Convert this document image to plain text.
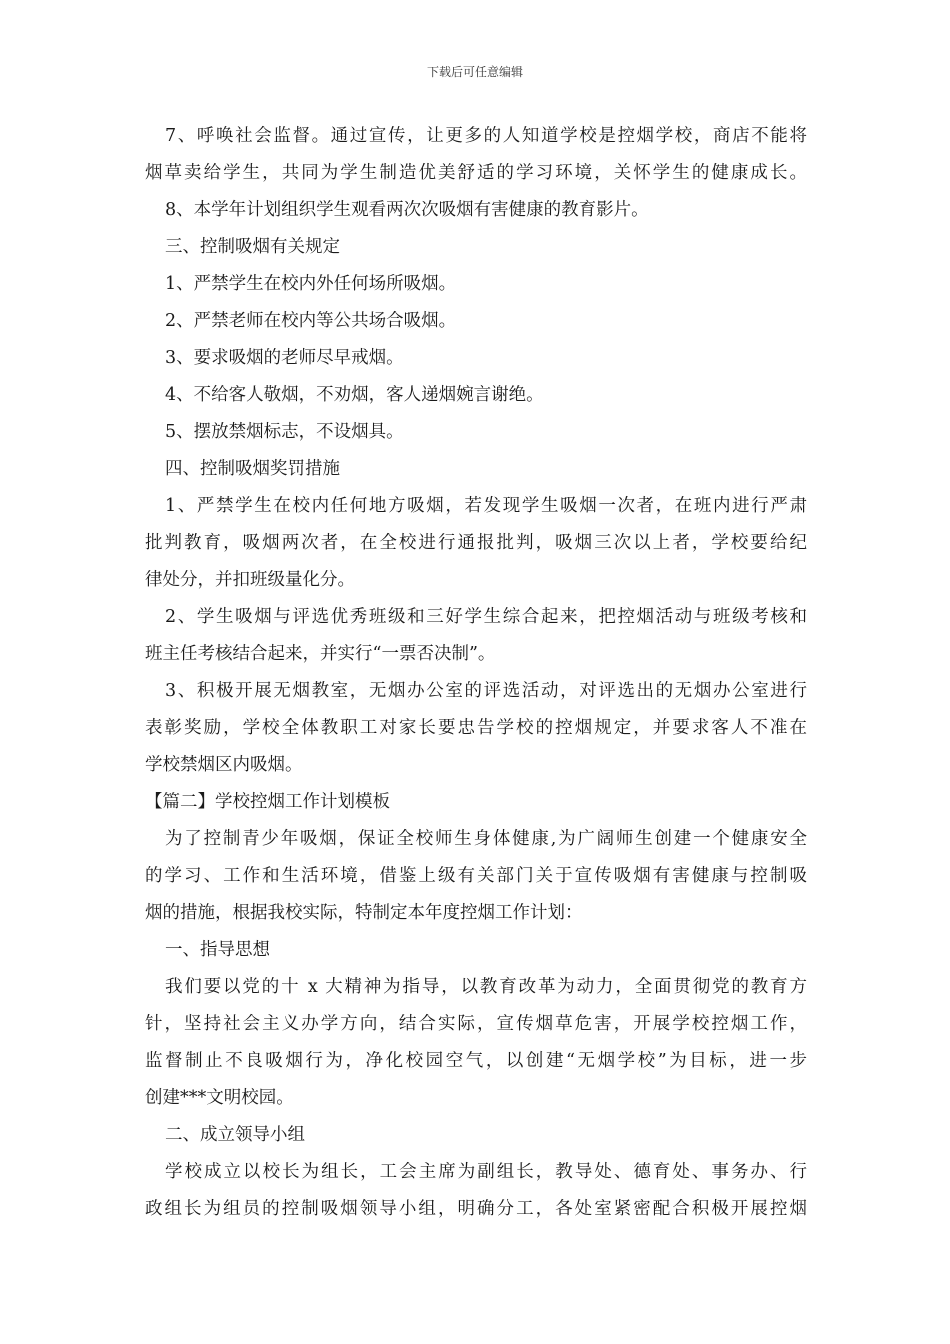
下载后可任意编辑
7、呼唤社会监督。通过宣传，让更多的人知道学校是控烟学校，商店不能将
烟草卖给学生，共同为学生制造优美舒适的学习环境，关怀学生的健康成长。
8、本学年计划组织学生观看两次次吸烟有害健康的教育影片。
三、控制吸烟有关规定
1、严禁学生在校内外任何场所吸烟。
2、严禁老师在校内等公共场合吸烟。
3、要求吸烟的老师尽早戒烟。
4、不给客人敬烟，不劝烟，客人递烟婉言谢绝。
5、摆放禁烟标志，不设烟具。
四、控制吸烟奖罚措施
1、严禁学生在校内任何地方吸烟，若发现学生吸烟一次者，在班内进行严肃
批判教育，吸烟两次者，在全校进行通报批判，吸烟三次以上者，学校要给纪
律处分，并扣班级量化分。
2、学生吸烟与评选优秀班级和三好学生综合起来，把控烟活动与班级考核和
班主任考核结合起来，并实行“一票否决制”。
3、积极开展无烟教室，无烟办公室的评选活动，对评选出的无烟办公室进行
表彰奖励，学校全体教职工对家长要忠告学校的控烟规定，并要求客人不准在
学校禁烟区内吸烟。
【篇二】学校控烟工作计划模板
为了控制青少年吸烟，保证全校师生身体健康,为广阔师生创建一个健康安全
的学习、工作和生活环境，借鉴上级有关部门关于宣传吸烟有害健康与控制吸
烟的措施，根据我校实际，特制定本年度控烟工作计划：
一、指导思想
我们要以党的十 x 大精神为指导，以教育改革为动力，全面贯彻党的教育方
针，坚持社会主义办学方向，结合实际，宣传烟草危害，开展学校控烟工作，
监督制止不良吸烟行为，净化校园空气，以创建“无烟学校”为目标，进一步
创建***文明校园。
二、成立领导小组
学校成立以校长为组长，工会主席为副组长，教导处、德育处、事务办、行
政组长为组员的控制吸烟领导小组，明确分工，各处室紧密配合积极开展控烟
